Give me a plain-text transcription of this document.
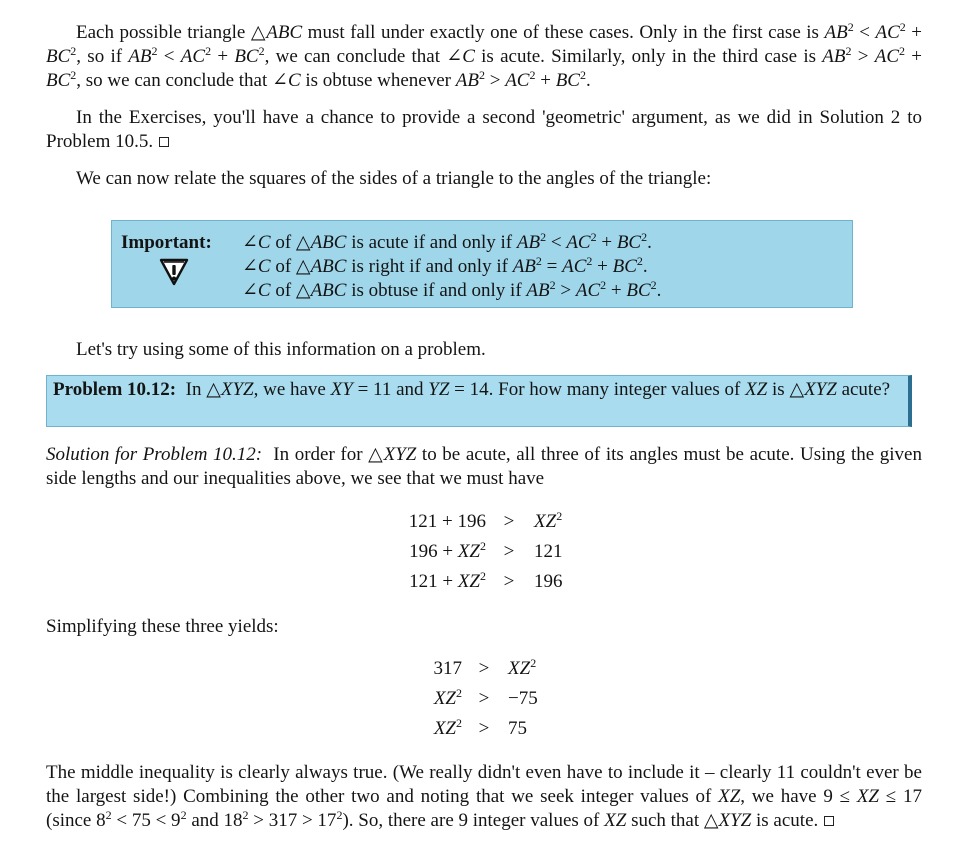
Each possible triangle △ABC must fall under exactly one of these cases. Only in the first case is $AB^2 < AC^2 + BC^2$, so if $AB^2 < AC^2 + BC^2$, we can conclude that ∠C is acute. Similarly, only in the third case is $AB^2 > AC^2 + BC^2$, so we can conclude that ∠C is obtuse whenever $AB^2 > AC^2 + BC^2$.

In the Exercises, you'll have a chance to provide a second 'geometric' argument, as we did in Solution 2 to Problem 10.5.

We can now relate the squares of the sides of a triangle to the angles of the triangle:

Important: ∠C of △ABC is acute if and only if $AB^2 < AC^2 + BC^2$.
∠C of △ABC is right if and only if $AB^2 = AC^2 + BC^2$.
∠C of △ABC is obtuse if and only if $AB^2 > AC^2 + BC^2$.

Let's try using some of this information on a problem.

Problem 10.12:  In △XYZ, we have XY = 11 and YZ = 14. For how many integer values of XZ is △XYZ acute?

Solution for Problem 10.12:  In order for △XYZ to be acute, all three of its angles must be acute. Using the given side lengths and our inequalities above, we see that we must have

$121 + 196 > XZ^2$
$196 + XZ^2 > 121$
$121 + XZ^2 > 196$

Simplifying these three yields:

$317 > XZ^2$
$XZ^2 > -75$
$XZ^2 > 75$

The middle inequality is clearly always true. (We really didn't even have to include it – clearly 11 couldn't ever be the largest side!) Combining the other two and noting that we seek integer values of XZ, we have 9 ≤ XZ ≤ 17 (since $8^2 < 75 < 9^2$ and $18^2 > 317 > 17^2$). So, there are 9 integer values of XZ such that △XYZ is acute.
